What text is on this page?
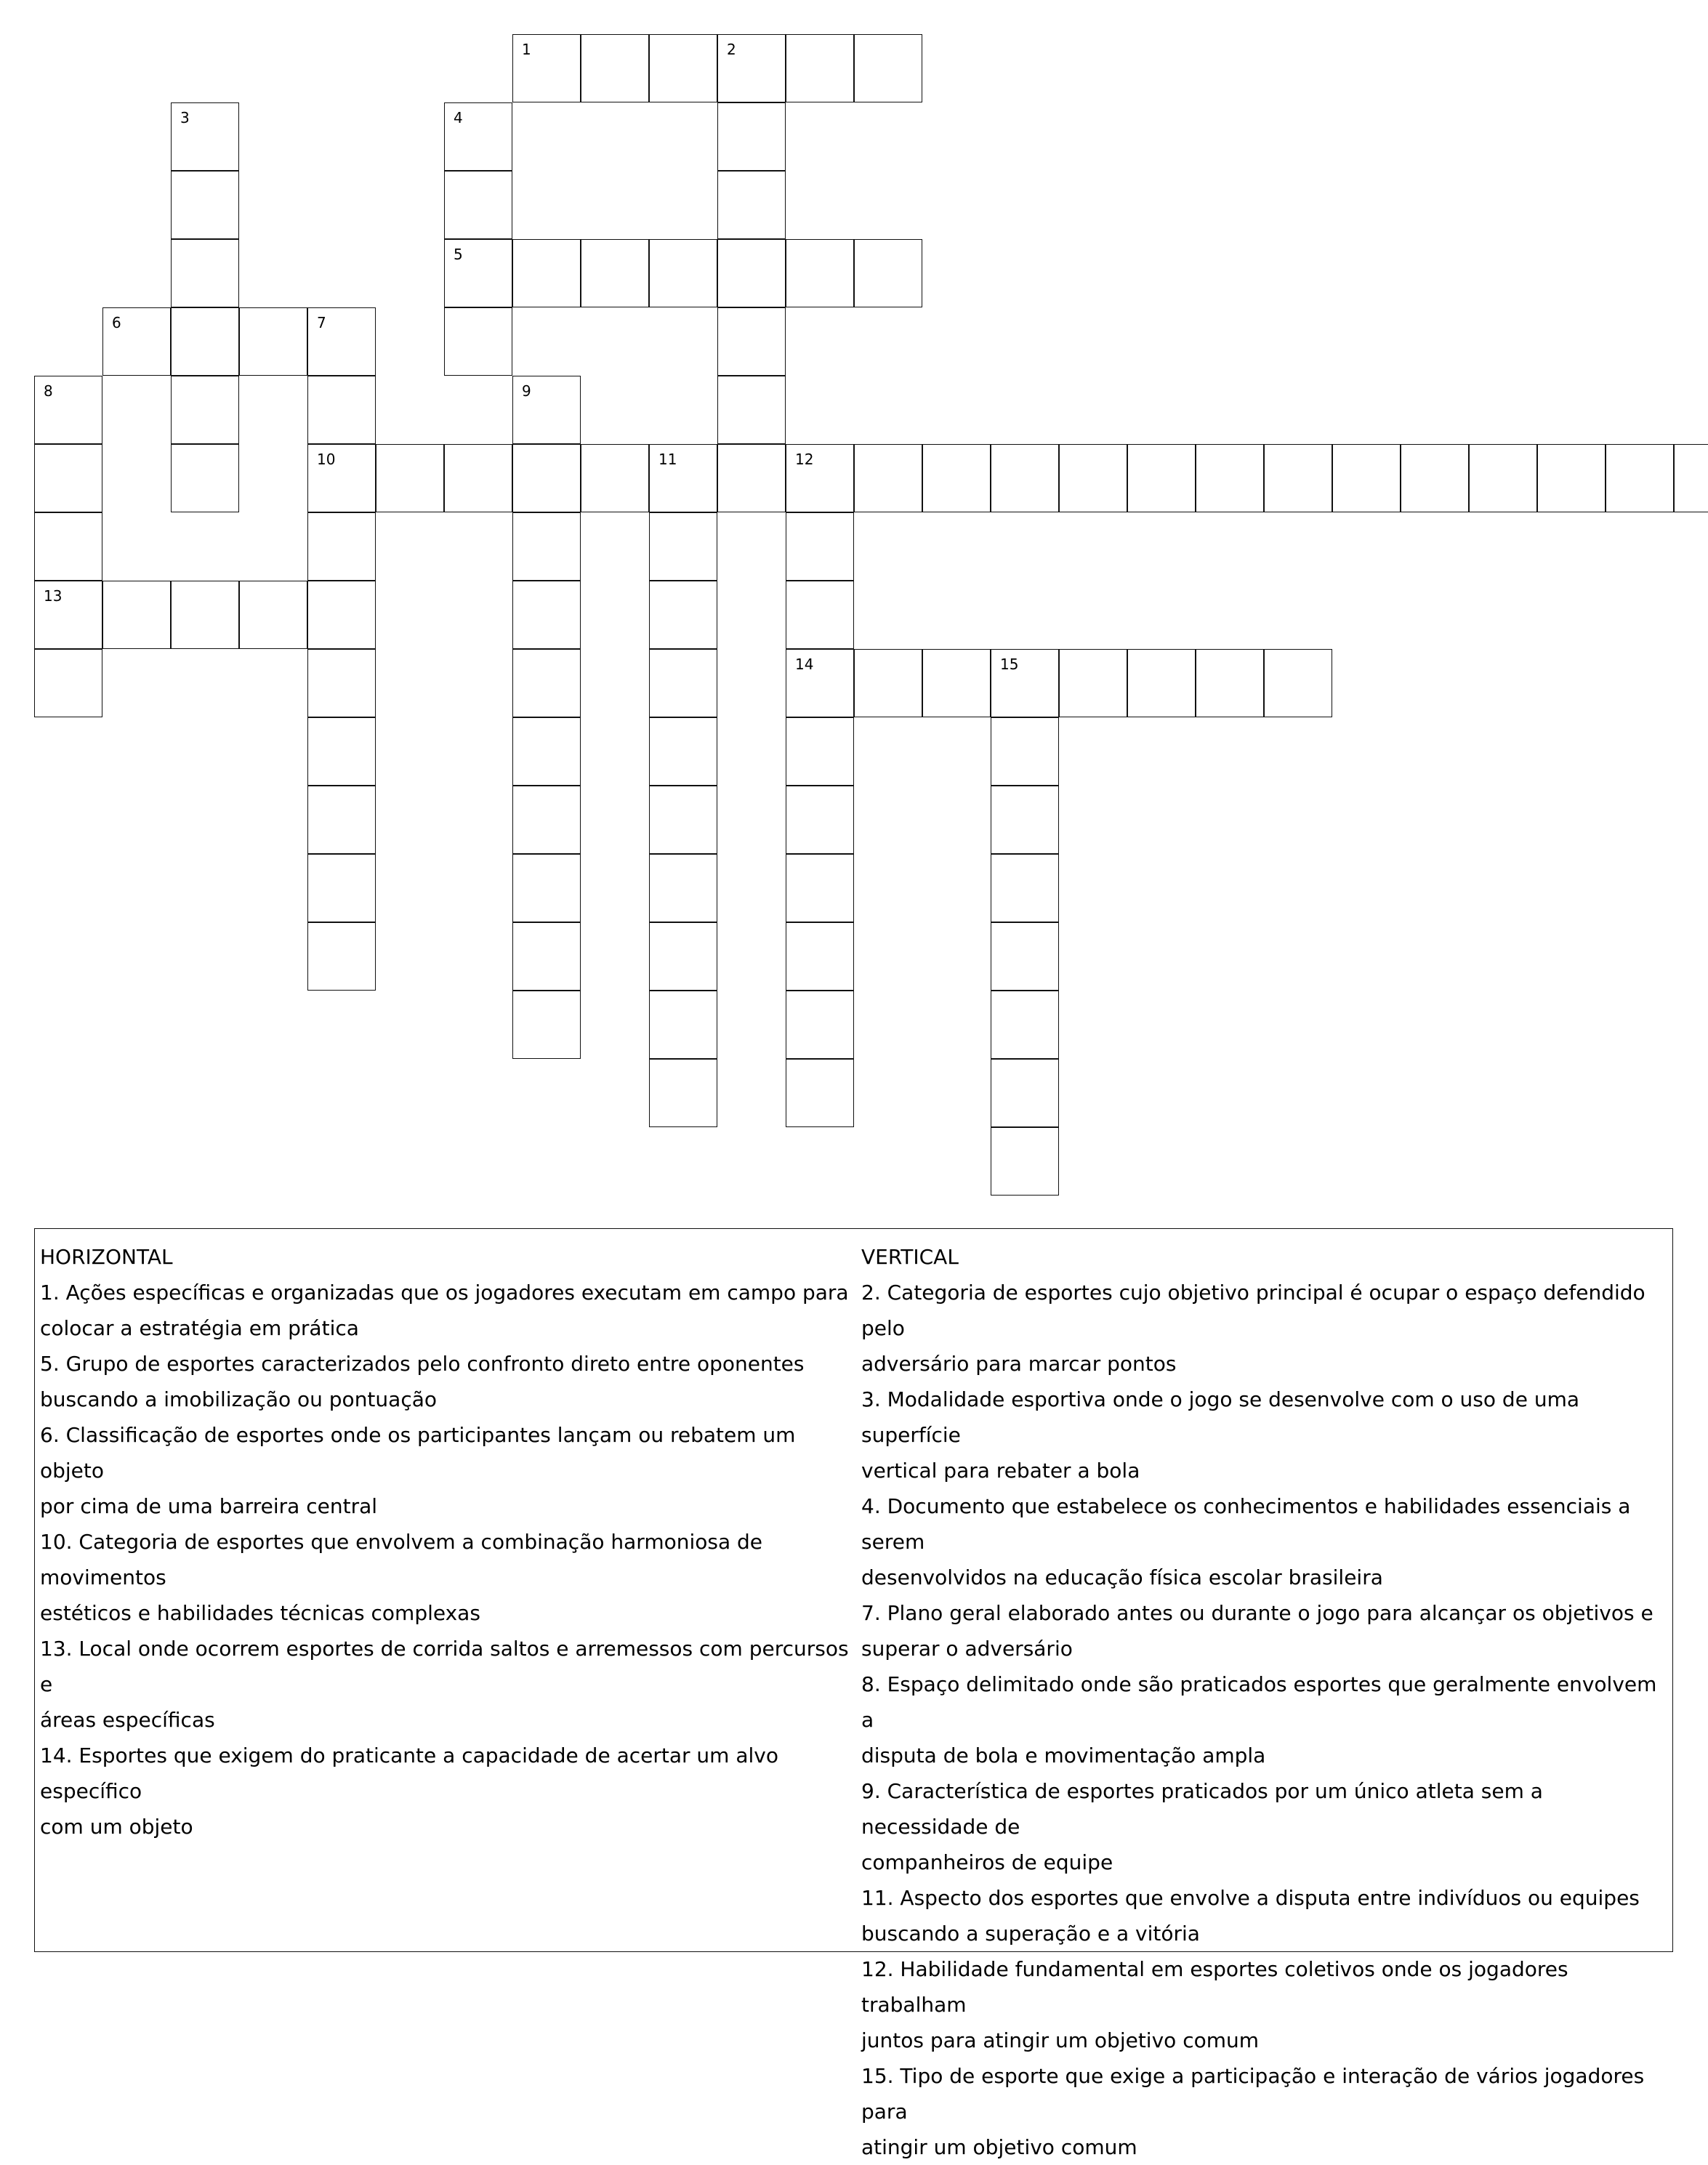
1	2
3	4
5
6	7
8	9
10	11	12
13
14	15
HORIZONTAL
1. Ações específicas e organizadas que os jogadores executam em campo para
colocar a estratégia em prática
5. Grupo de esportes caracterizados pelo confronto direto entre oponentes
buscando a imobilização ou pontuação
6. Classificação de esportes onde os participantes lançam ou rebatem um objeto
por cima de uma barreira central
10. Categoria de esportes que envolvem a combinação harmoniosa de movimentos
estéticos e habilidades técnicas complexas
13. Local onde ocorrem esportes de corrida saltos e arremessos com percursos e
áreas específicas
14. Esportes que exigem do praticante a capacidade de acertar um alvo específico
com um objeto
VERTICAL
2. Categoria de esportes cujo objetivo principal é ocupar o espaço defendido pelo
adversário para marcar pontos
3. Modalidade esportiva onde o jogo se desenvolve com o uso de uma superfície
vertical para rebater a bola
4. Documento que estabelece os conhecimentos e habilidades essenciais a serem
desenvolvidos na educação física escolar brasileira
7. Plano geral elaborado antes ou durante o jogo para alcançar os objetivos e
superar o adversário
8. Espaço delimitado onde são praticados esportes que geralmente envolvem a
disputa de bola e movimentação ampla
9. Característica de esportes praticados por um único atleta sem a necessidade de
companheiros de equipe
11. Aspecto dos esportes que envolve a disputa entre indivíduos ou equipes
buscando a superação e a vitória
12. Habilidade fundamental em esportes coletivos onde os jogadores trabalham
juntos para atingir um objetivo comum
15. Tipo de esporte que exige a participação e interação de vários jogadores para
atingir um objetivo comum
